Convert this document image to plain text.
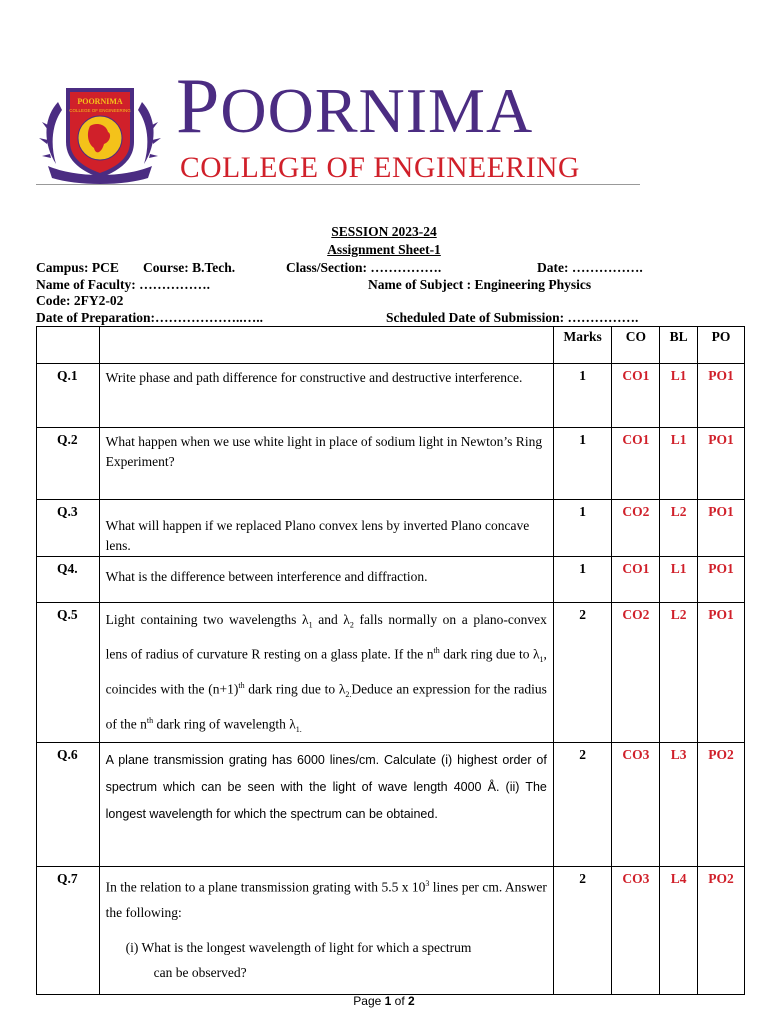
POORNIMA
COLLEGE OF ENGINEERING POORNIMA
COLLEGE OF ENGINEERING
SESSION 2023-24
Assignment Sheet-1
Campus: PCE Course: B.Tech.	Class/Section: …………….	Date: …………….
Name of Faculty: …………….	Name of Subject : Engineering Physics
Code: 2FY2-02
Date of Preparation:………………..…..	Scheduled Date of Submission: …………….
		Marks	CO	BL	PO
Q.1	Write phase and path difference for constructive and destructive interference.	1	CO1	L1	PO1
Q.2	What happen when we use white light in place of sodium light in Newton’s Ring Experiment?	1	CO1	L1	PO1
Q.3	What will happen if we replaced Plano convex lens by inverted Plano concave lens.	1	CO2	L2	PO1
Q4.	What is the difference between interference and diffraction.	1	CO1	L1	PO1
Q.5	Light containing two wavelengths $\lambda_1$ and $\lambda_2$ falls normally on a plano-convex lens of radius of curvature R resting on a glass plate. If the $n^{th}$ dark ring due to $\lambda_1$, coincides with the $(n+1)^{th}$ dark ring due to $\lambda_{2.}Deduce$ an expression for the radius of the $n^{th}$ dark ring of wavelength $\lambda_{1.}$	2	CO2	L2	PO1
Q.6	A plane transmission grating has 6000 lines/cm. Calculate (i) highest order of spectrum which can be seen with the light of wave length 4000 Å. (ii) The longest wavelength for which the spectrum can be obtained.	2	CO3	L3	PO2
Q.7	In the relation to a plane transmission grating with 5.5 x $10^3$ lines per cm. Answer the following:
(i) What is the longest wavelength of light for which a spectrum
can be observed?	2	CO3	L4	PO2
Page 1 of 2
